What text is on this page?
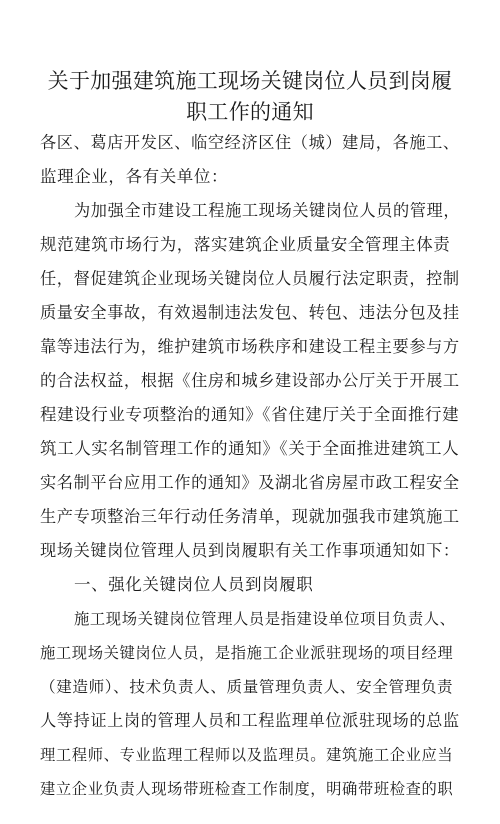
关于加强建筑施工现场关键岗位人员到岗履职工作的通知
各区、葛店开发区、临空经济区住（城）建局，各施工、
监理企业，各有关单位：
为加强全市建设工程施工现场关键岗位人员的管理，
规范建筑市场行为，落实建筑企业质量安全管理主体责
任，督促建筑企业现场关键岗位人员履行法定职责，控制
质量安全事故，有效遏制违法发包、转包、违法分包及挂
靠等违法行为，维护建筑市场秩序和建设工程主要参与方
的合法权益，根据《住房和城乡建设部办公厅关于开展工
程建设行业专项整治的通知》《省住建厅关于全面推行建
筑工人实名制管理工作的通知》《关于全面推进建筑工人
实名制平台应用工作的通知》及湖北省房屋市政工程安全
生产专项整治三年行动任务清单，现就加强我市建筑施工
现场关键岗位管理人员到岗履职有关工作事项通知如下：
一、强化关键岗位人员到岗履职
施工现场关键岗位管理人员是指建设单位项目负责人、
施工现场关键岗位人员，是指施工企业派驻现场的项目经理
（建造师）、技术负责人、质量管理负责人、安全管理负责
人等持证上岗的管理人员和工程监理单位派驻现场的总监
理工程师、专业监理工程师以及监理员。建筑施工企业应当
建立企业负责人现场带班检查工作制度，明确带班检查的职
